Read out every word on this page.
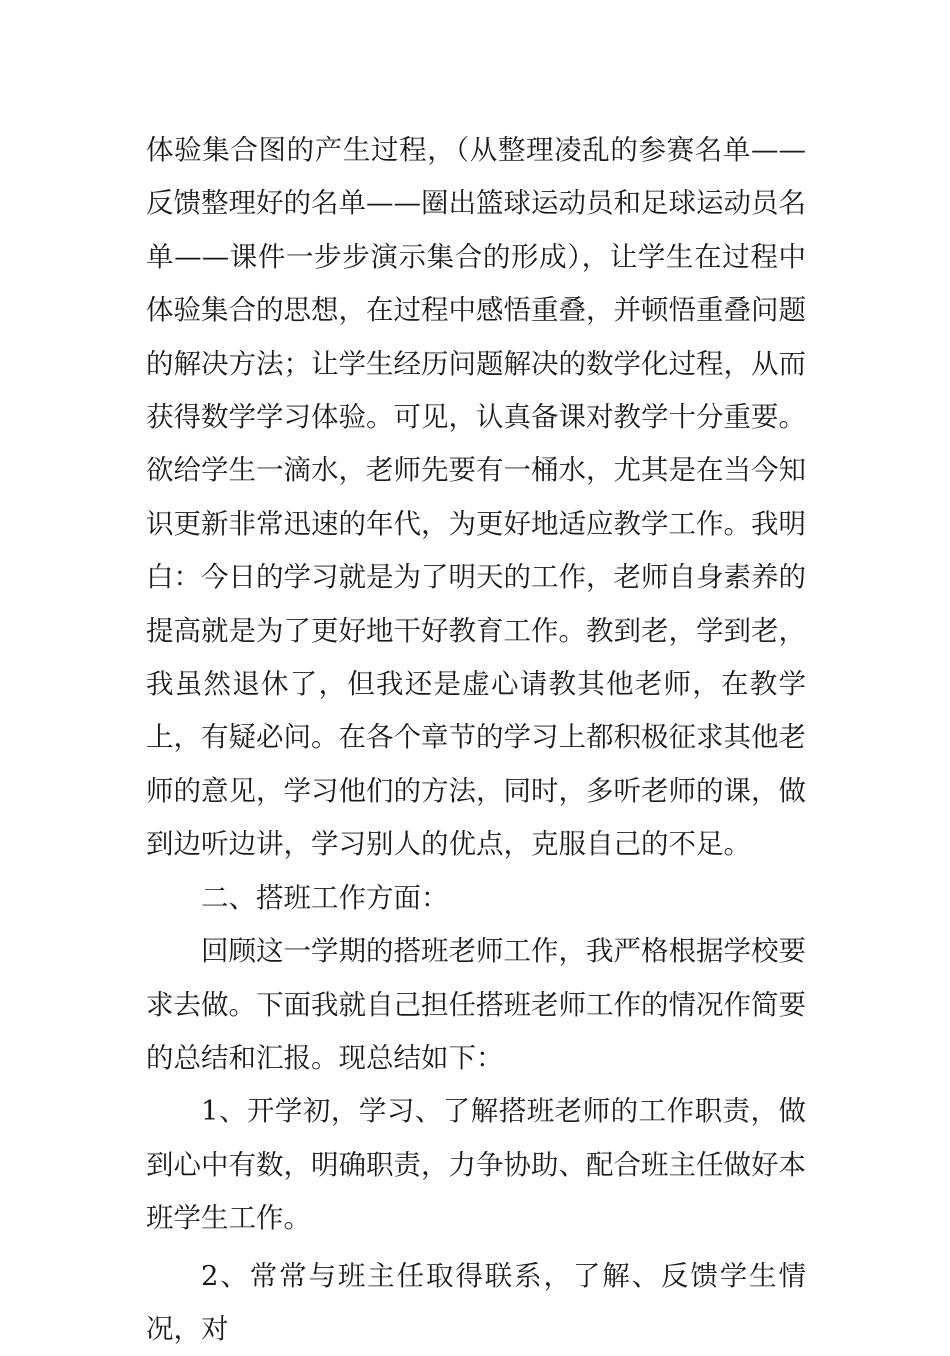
体验集合图的产生过程，（从整理凌乱的参赛名单——反馈整理好的名单——圈出篮球运动员和足球运动员名单——课件一步步演示集合的形成），让学生在过程中体验集合的思想，在过程中感悟重叠，并顿悟重叠问题的解决方法；让学生经历问题解决的数学化过程，从而获得数学学习体验。可见，认真备课对教学十分重要。欲给学生一滴水，老师先要有一桶水，尤其是在当今知识更新非常迅速的年代，为更好地适应教学工作。我明白：今日的学习就是为了明天的工作，老师自身素养的提高就是为了更好地干好教育工作。教到老，学到老，我虽然退休了，但我还是虚心请教其他老师，在教学上，有疑必问。在各个章节的学习上都积极征求其他老师的意见，学习他们的方法，同时，多听老师的课，做到边听边讲，学习别人的优点，克服自己的不足。

二、搭班工作方面：

回顾这一学期的搭班老师工作，我严格根据学校要求去做。下面我就自己担任搭班老师工作的情况作简要的总结和汇报。现总结如下：

1、开学初，学习、了解搭班老师的工作职责，做到心中有数，明确职责，力争协助、配合班主任做好本班学生工作。

2、常常与班主任取得联系，了解、反馈学生情况，对
